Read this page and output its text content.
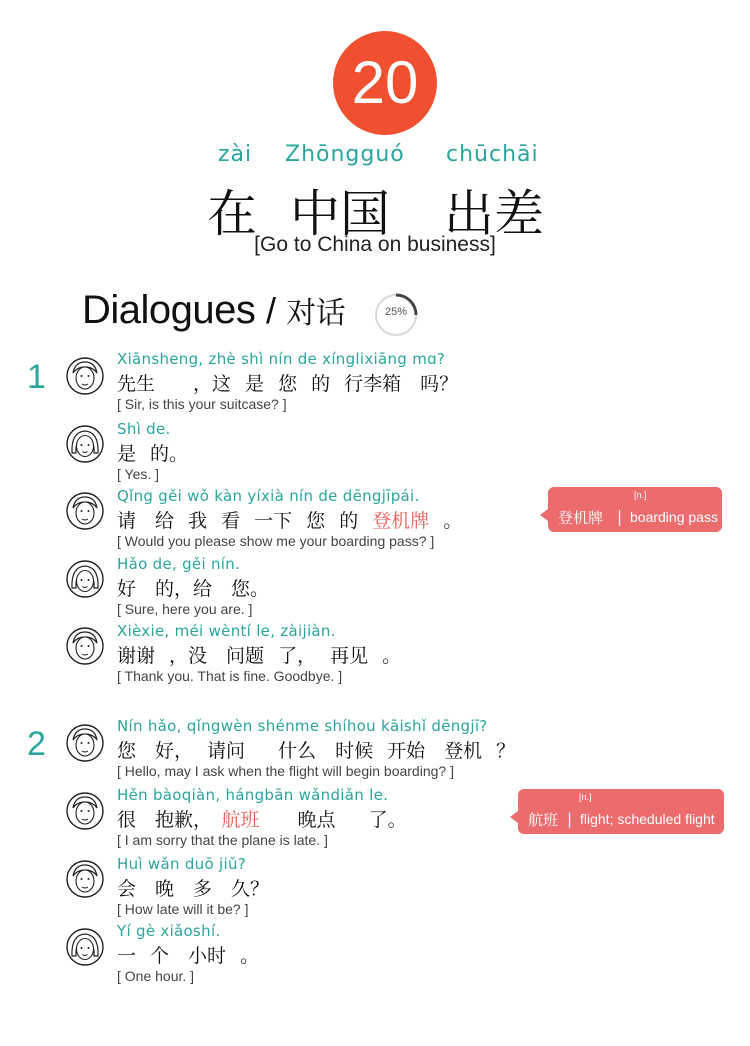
20
zài Zhōngguó chūchāi
在 中国 出差
[Go to China on business]
Dialogues / 对话	25%
1	Xiānsheng, zhè shì nín de xínglixiāng mɑ?
先生　　，这 是 您 的 行李箱　吗？
[ Sir, is this your suitcase? ]
Shì de.
是 的。
[ Yes. ]
Qǐng gěi wǒ kàn yíxià nín de dēngjīpái.
请　给 我 看 一下 您 的 登机牌 。
[ Would you please show me your boarding pass? ]
Hǎo de, gěi nín.
好　的，给　您。
[ Sure, here you are. ]
Xièxie, méi wèntí le, zàijiàn.
谢谢 ，没　问题 了， 再见 。
[ Thank you. That is fine. Goodbye. ]
2	Nín hǎo, qǐngwèn shénme shíhou kāishǐ dēngjī?
您　好， 请问　 什么　时候 开始　登机 ？
[ Hello, may I ask when the flight will begin boarding? ]
Hěn bàoqiàn, hángbān wǎndiǎn le.
很　抱歉，　航班　　晚点　 了。
[ I am sorry that the plane is late. ]
Huì wǎn duō jiǔ?
会　晚　多　久？
[ How late will it be? ]
Yí gè xiǎoshí.
一 个　小时 。
[ One hour. ]
[n.]
登机牌 | boarding pass
[n.]
航班 | flight; scheduled flight
